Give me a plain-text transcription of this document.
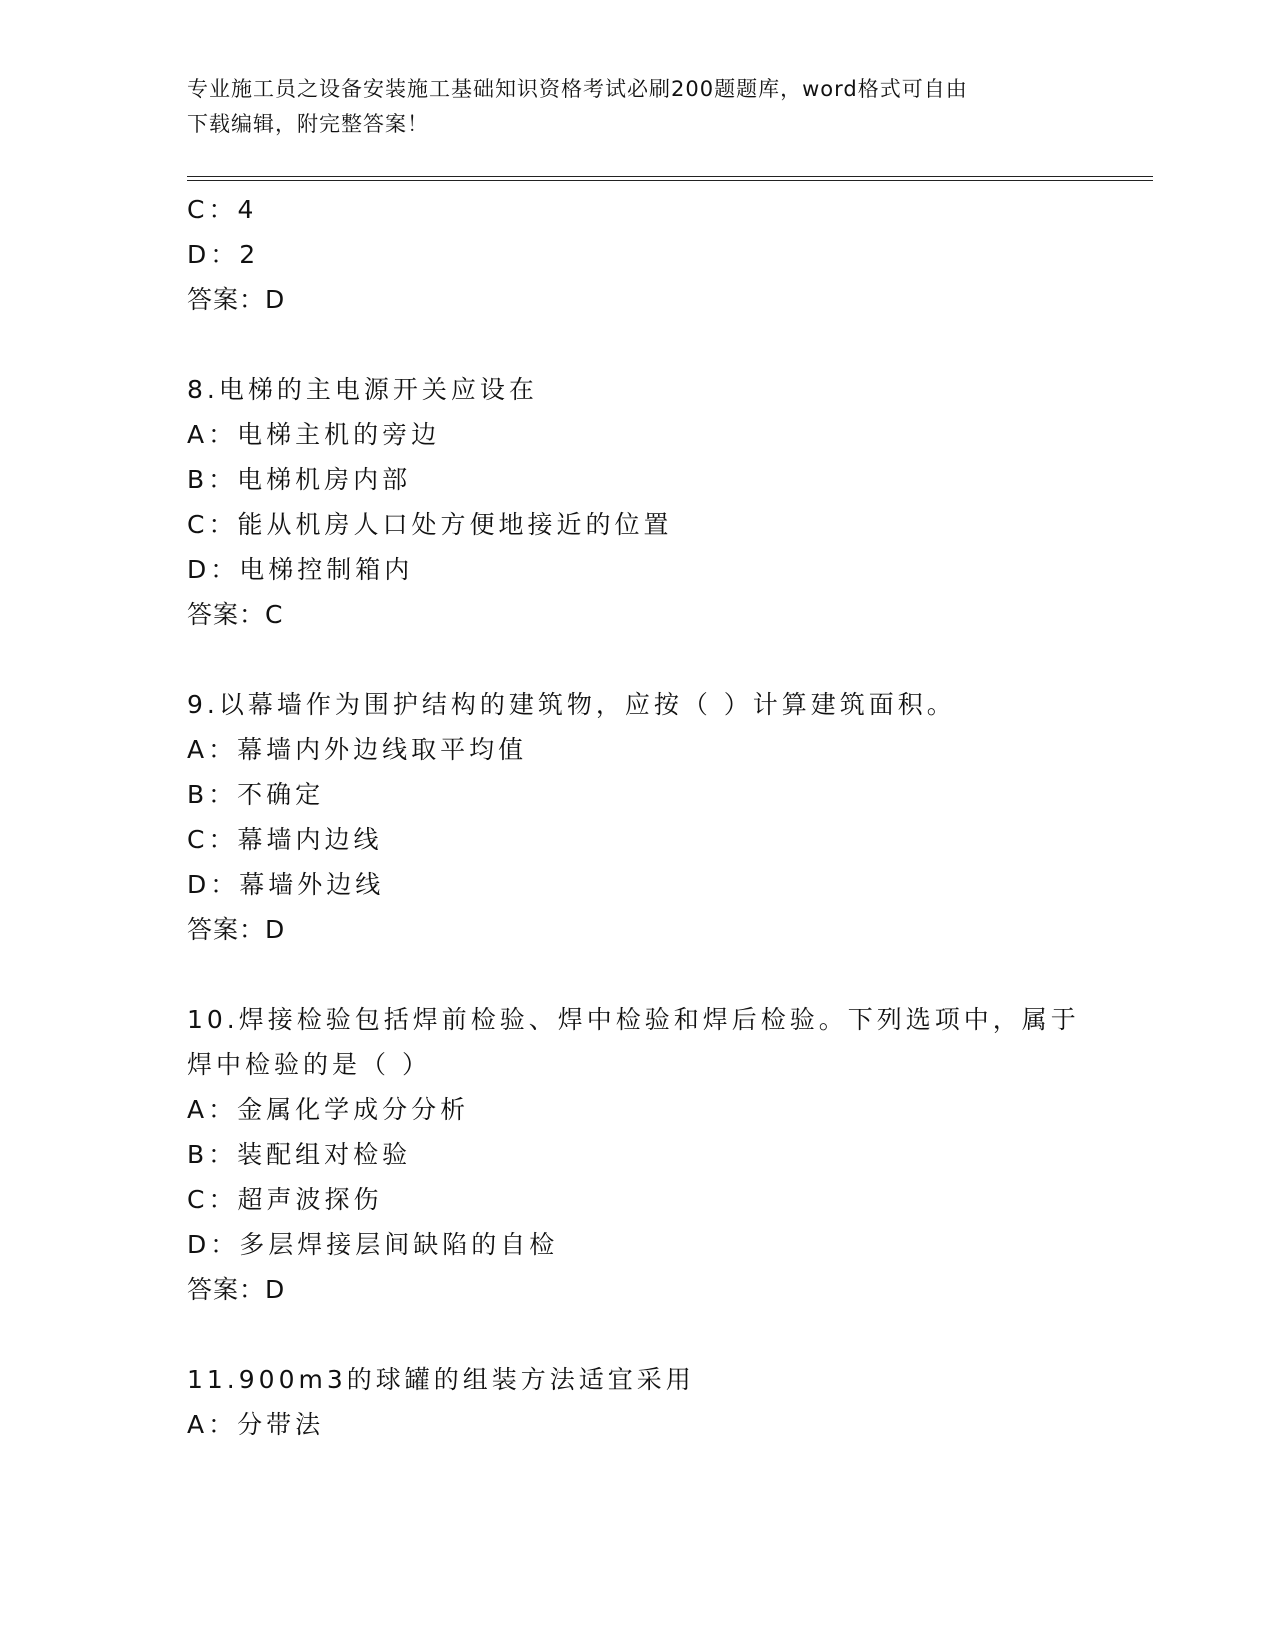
专业施工员之设备安装施工基础知识资格考试必刷200题题库，word格式可自由
下载编辑，附完整答案！
C：4
D：2
答案：D
8.电梯的主电源开关应设在
A：电梯主机的旁边
B：电梯机房内部
C：能从机房人口处方便地接近的位置
D：电梯控制箱内
答案：C
9.以幕墙作为围护结构的建筑物，应按（ ）计算建筑面积。
A：幕墙内外边线取平均值
B：不确定
C：幕墙内边线
D：幕墙外边线
答案：D
10.焊接检验包括焊前检验、焊中检验和焊后检验。下列选项中，属于
焊中检验的是（ ）
A：金属化学成分分析
B：装配组对检验
C：超声波探伤
D：多层焊接层间缺陷的自检
答案：D
11.900m3的球罐的组装方法适宜采用
A：分带法
